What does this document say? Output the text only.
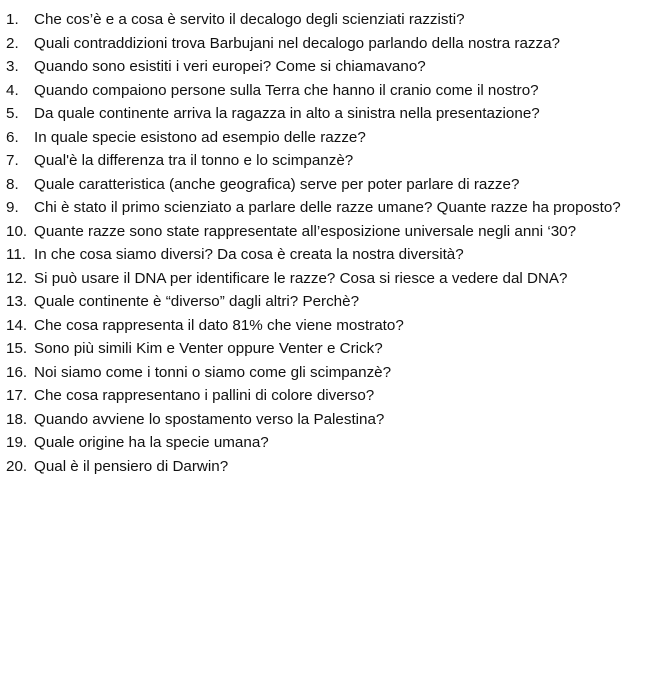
1.	Che cos’è e a cosa è servito il decalogo degli scienziati razzisti?
2.	Quali contraddizioni trova Barbujani nel decalogo parlando della nostra razza?
3.	Quando sono esistiti i veri europei? Come si chiamavano?
4.	Quando compaiono persone sulla Terra che hanno il cranio come il nostro?
5.	Da quale continente arriva la ragazza in alto a sinistra nella presentazione?
6.	In quale specie esistono ad esempio delle razze?
7.	Qual'è la differenza tra il tonno e lo scimpanzè?
8.	Quale caratteristica (anche geografica) serve per poter parlare di razze?
9.	Chi è stato il primo scienziato a parlare delle razze umane? Quante razze ha proposto?
10. Quante razze sono state rappresentate all’esposizione universale negli anni ‘30?
11. In che cosa siamo diversi? Da cosa è creata la nostra diversità?
12. Si può usare il DNA per identificare le razze? Cosa si riesce a vedere dal DNA?
13. Quale continente è “diverso” dagli altri? Perchè?
14. Che cosa rappresenta il dato 81% che viene mostrato?
15. Sono più simili Kim e Venter oppure Venter e Crick?
16. Noi siamo come i tonni o siamo come gli scimpanzè?
17. Che cosa rappresentano i pallini di colore diverso?
18. Quando avviene lo spostamento verso la Palestina?
19. Quale origine ha la specie umana?
20. Qual è il pensiero di Darwin?
